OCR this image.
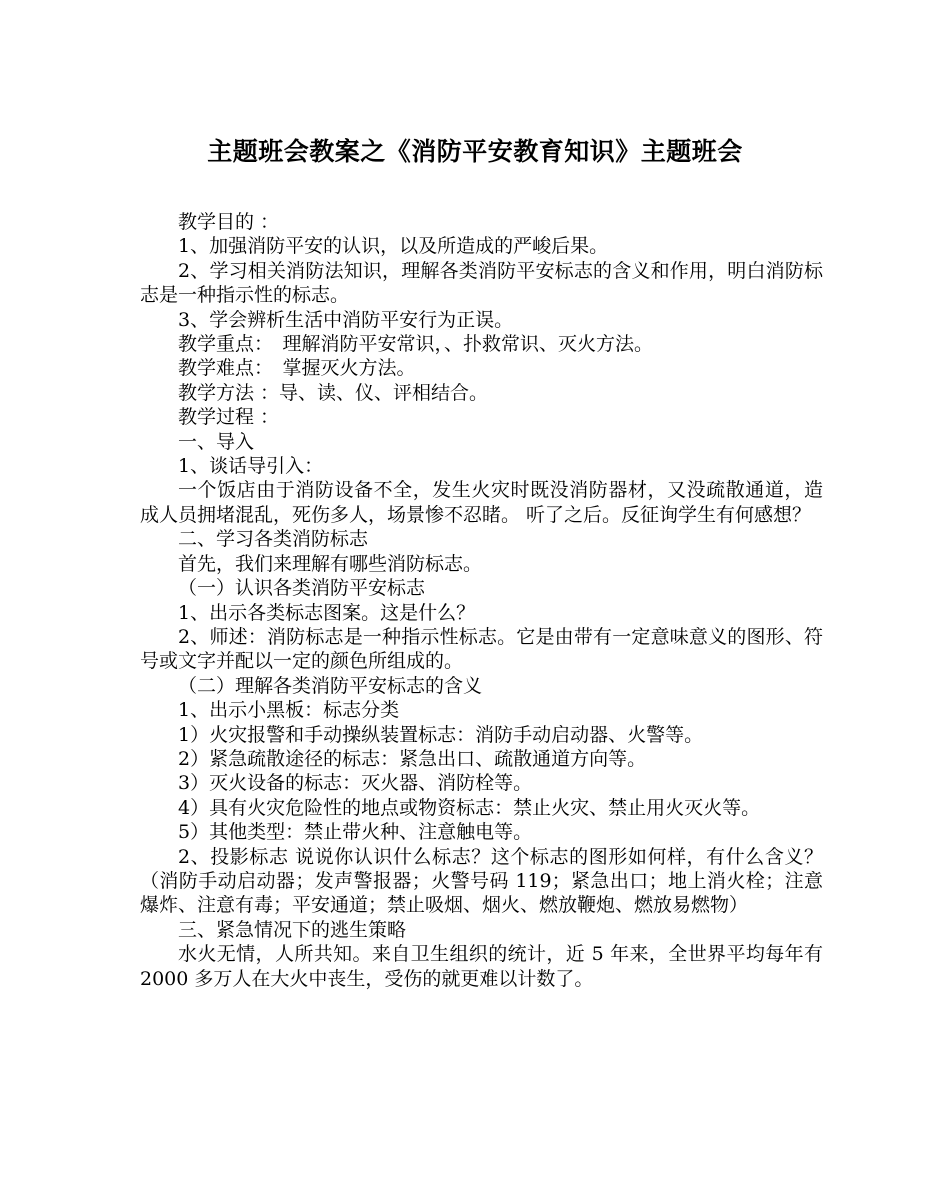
主题班会教案之《消防平安教育知识》主题班会

教学目的 ：

1、加强消防平安的认识，以及所造成的严峻后果。

2、学习相关消防法知识，理解各类消防平安标志的含义和作用，明白消防标志是一种指示性的标志。

3、学会辨析生活中消防平安行为正误。

教学重点：　理解消防平安常识，、扑救常识、灭火方法。

教学难点：　掌握灭火方法。

教学方法 ：导、读、仪、评相结合。

教学过程 ：

一、导入

1、谈话导引入：

一个饭店由于消防设备不全，发生火灾时既没消防器材，又没疏散通道，造成人员拥堵混乱，死伤多人，场景惨不忍睹。 听了之后。反征询学生有何感想？

二、学习各类消防标志

首先，我们来理解有哪些消防标志。

（一）认识各类消防平安标志

1、出示各类标志图案。这是什么？

2、师述：消防标志是一种指示性标志。它是由带有一定意味意义的图形、符号或文字并配以一定的颜色所组成的。

（二）理解各类消防平安标志的含义

1、出示小黑板：标志分类

1）火灾报警和手动操纵装置标志：消防手动启动器、火警等。

2）紧急疏散途径的标志：紧急出口、疏散通道方向等。

3）灭火设备的标志：灭火器、消防栓等。

4）具有火灾危险性的地点或物资标志：禁止火灾、禁止用火灭火等。

5）其他类型：禁止带火种、注意触电等。

2、投影标志 说说你认识什么标志？这个标志的图形如何样，有什么含义？（消防手动启动器；发声警报器；火警号码 119；紧急出口；地上消火栓；注意爆炸、注意有毒；平安通道；禁止吸烟、烟火、燃放鞭炮、燃放易燃物）

三、紧急情况下的逃生策略

水火无情，人所共知。来自卫生组织的统计，近 5 年来，全世界平均每年有 2000 多万人在大火中丧生，受伤的就更难以计数了。
